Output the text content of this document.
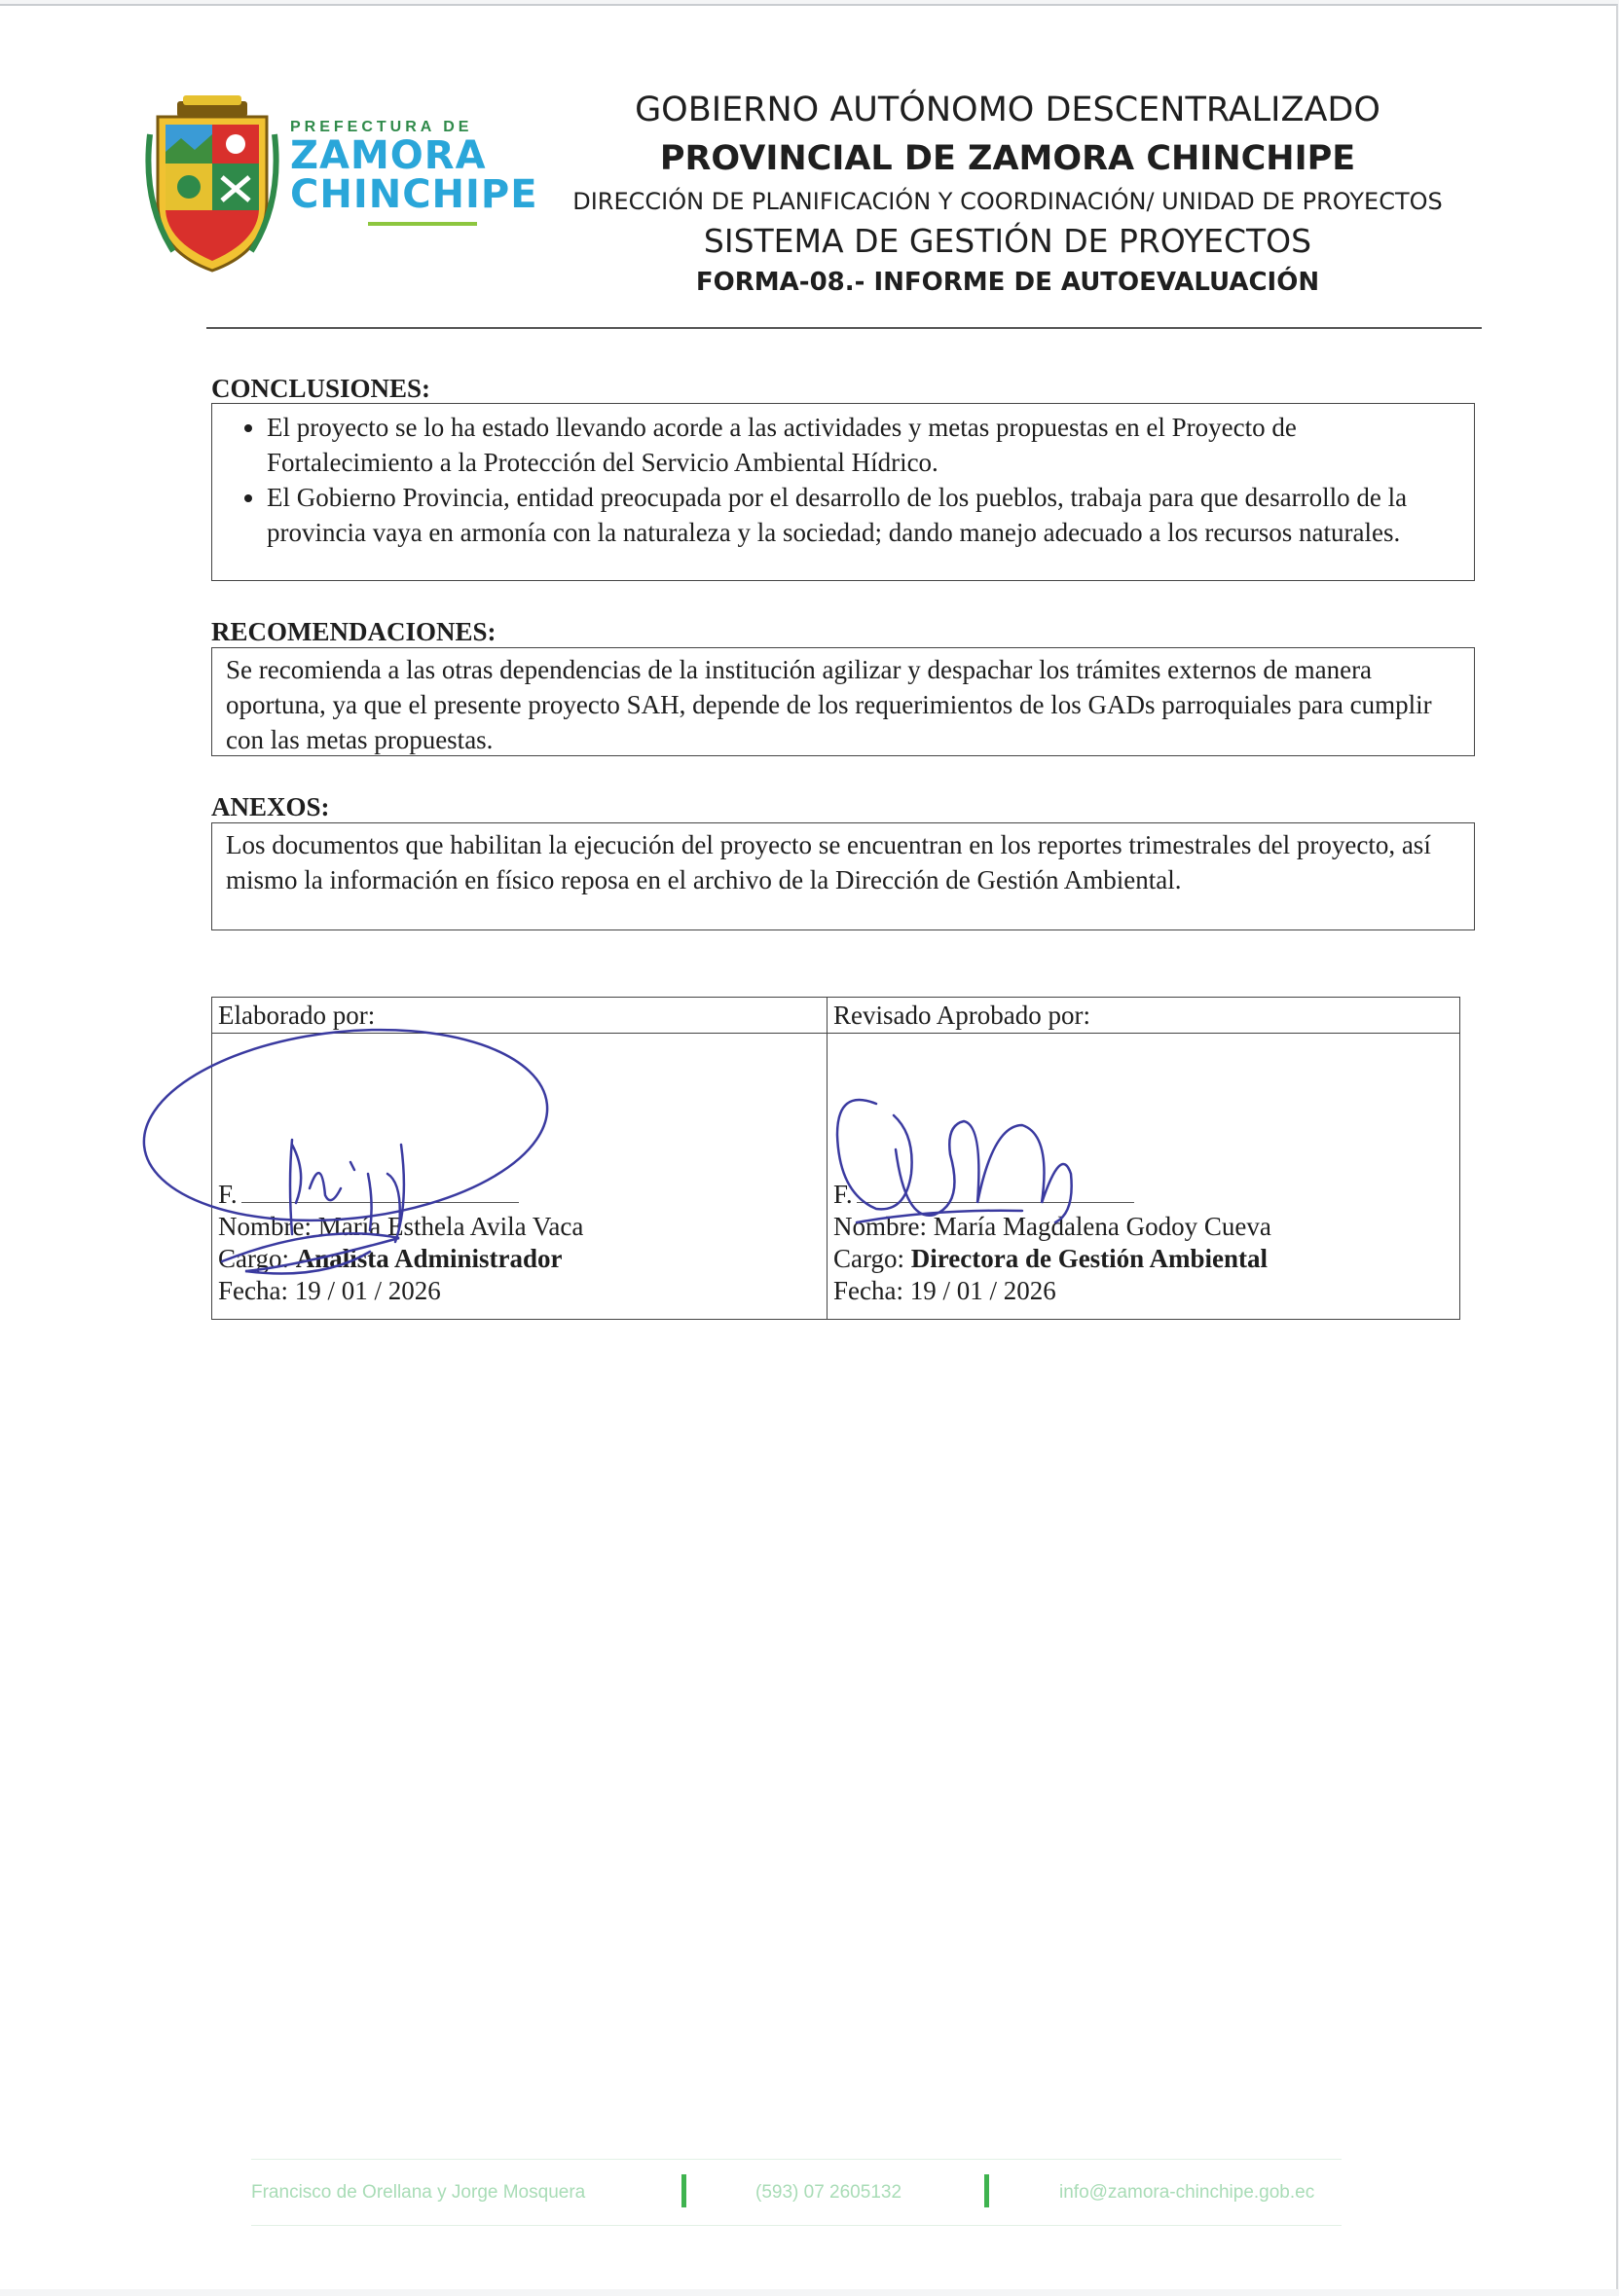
PREFECTURA DE
ZAMORA
CHINCHIPE
GOBIERNO AUTÓNOMO DESCENTRALIZADO
PROVINCIAL DE ZAMORA CHINCHIPE
DIRECCIÓN DE PLANIFICACIÓN Y COORDINACIÓN/ UNIDAD DE PROYECTOS
SISTEMA DE GESTIÓN DE PROYECTOS
FORMA-08.- INFORME DE AUTOEVALUACIÓN
CONCLUSIONES:
• El proyecto se lo ha estado llevando acorde a las actividades y metas propuestas en el Proyecto de Fortalecimiento a la Protección del Servicio Ambiental Hídrico.
• El Gobierno Provincia, entidad preocupada por el desarrollo de los pueblos, trabaja para que desarrollo de la provincia vaya en armonía con la naturaleza y la sociedad; dando manejo adecuado a los recursos naturales.
RECOMENDACIONES:

Se recomienda a las otras dependencias de la institución agilizar y despachar los trámites externos de manera oportuna, ya que el presente proyecto SAH, depende de los requerimientos de los GADs parroquiales para cumplir con las metas propuestas.

ANEXOS:

Los documentos que habilitan la ejecución del proyecto se encuentran en los reportes trimestrales del proyecto, así mismo la información en físico reposa en el archivo de la Dirección de Gestión Ambiental.

Elaborado por:
F.
Nombre: María Esthela Avila Vaca
Cargo: Analista Administrador
Fecha: 19 / 01 / 2026
Revisado Aprobado por:
F.
Nombre: María Magdalena Godoy Cueva
Cargo: Directora de Gestión Ambiental
Fecha: 19 / 01 / 2026
Francisco de Orellana y Jorge Mosquera	(593) 07 2605132	info@zamora-chinchipe.gob.ec
